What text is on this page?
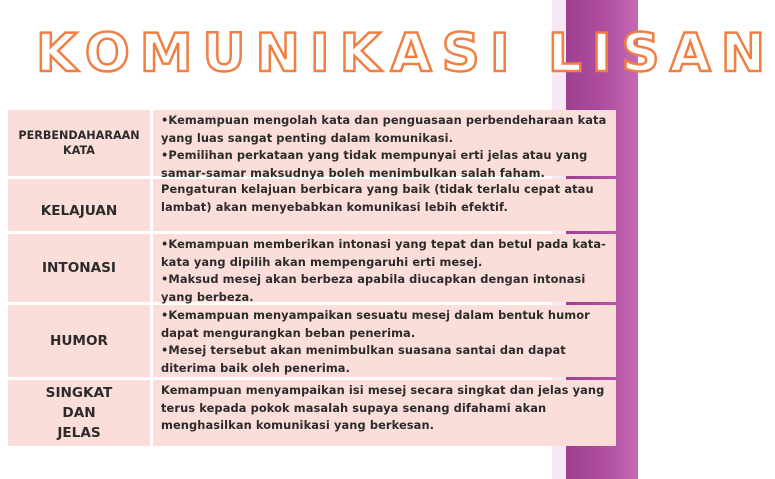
KOMUNIKASI LISAN
PERBENDAHARAAN KATA

•Kemampuan mengolah kata dan penguasaan perbendeharaan kata yang luas sangat penting dalam komunikasi.

•Pemilihan perkataan yang tidak mempunyai erti jelas atau yang samar-samar maksudnya boleh menimbulkan salah faham.

KELAJUAN

Pengaturan kelajuan berbicara yang baik (tidak terlalu cepat atau lambat) akan menyebabkan komunikasi lebih efektif.

INTONASI

•Kemampuan memberikan intonasi yang tepat dan betul pada kata-kata yang dipilih akan mempengaruhi erti mesej.

•Maksud mesej akan berbeza apabila diucapkan dengan intonasi yang berbeza.

HUMOR

•Kemampuan menyampaikan sesuatu mesej dalam bentuk humor dapat mengurangkan beban penerima.

•Mesej tersebut akan menimbulkan suasana santai dan dapat diterima baik oleh penerima.

SINGKAT DAN JELAS

Kemampuan menyampaikan isi mesej secara singkat dan jelas yang terus kepada pokok masalah supaya senang difahami akan menghasilkan komunikasi yang berkesan.
